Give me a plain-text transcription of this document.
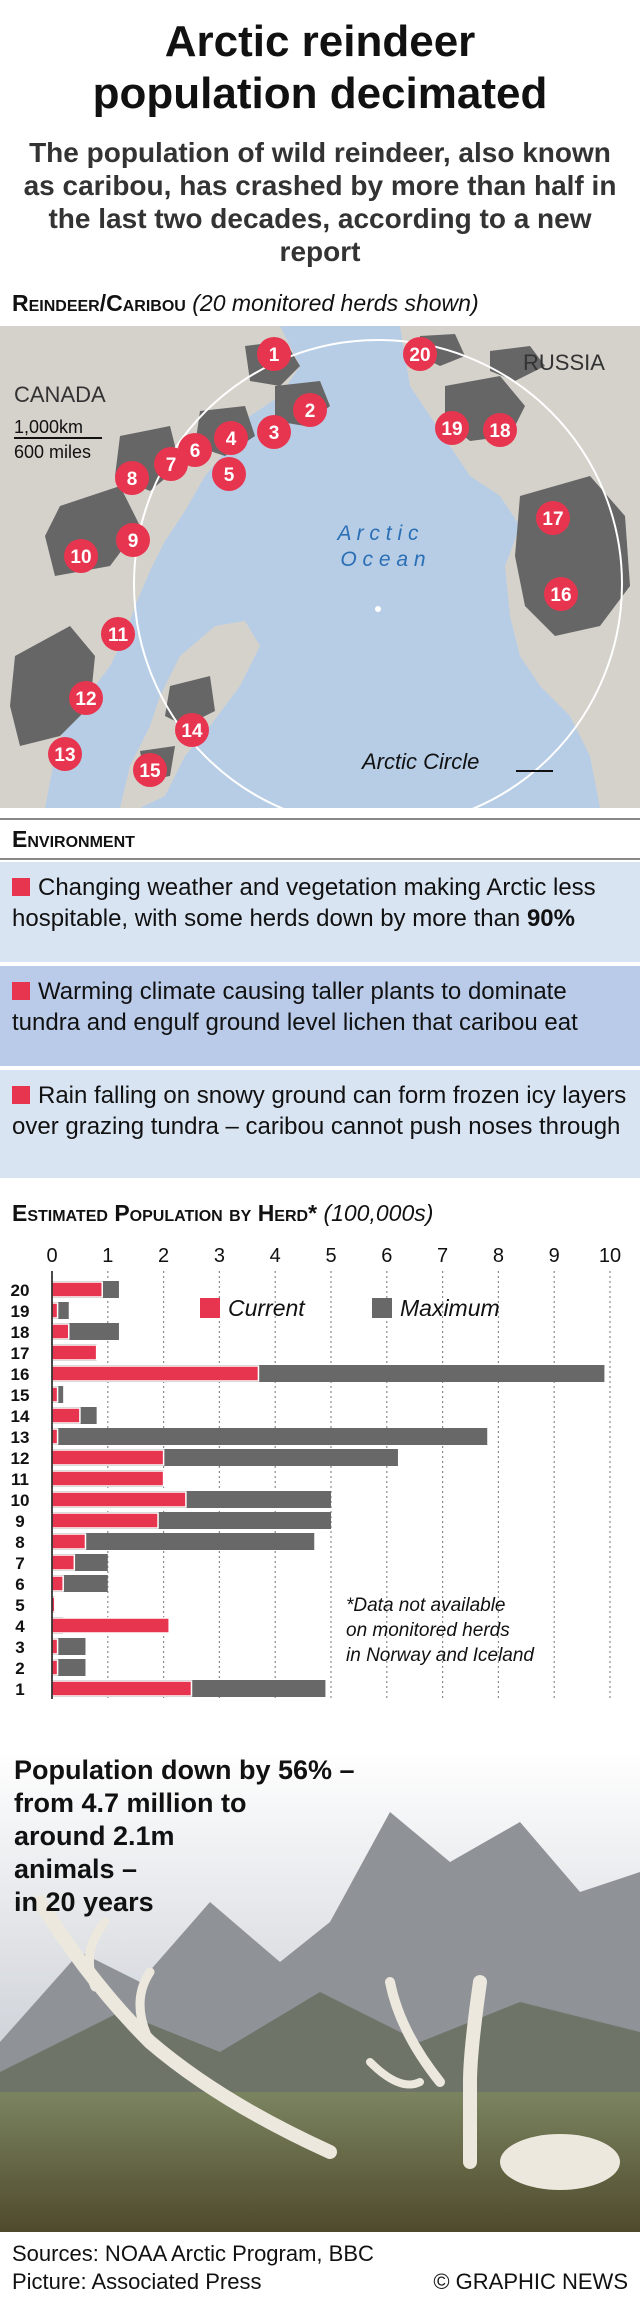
Arctic reindeer
population decimated
The population of wild reindeer, also known as caribou, has crashed by more than half in the last two decades, according to a new report
Reindeer/Caribou (20 monitored herds shown)
CANADA
RUSSIA
A r c t i c
O c e a n
Arctic Circle
1,000km
600 miles
1
2
3
4
5
6
7
8
9
10
11
12
13
14
15
16
17
18
19
20
Environment
Changing weather and vegetation making Arctic less hospitable, with some herds down by more than 90%
Warming climate causing taller plants to dominate tundra and engulf ground level lichen that caribou eat
Rain falling on snowy ground can form frozen icy layers over grazing tundra – caribou cannot push noses through
Estimated Population by Herd* (100,000s)
0 1 2 3 4 5 6 7 8 9 10
20
19
18
17
16
15
14
13
12
11
10
9
8
7
6
5
4
3
2
1
Current	Maximum
*Data not available
on monitored herds
in Norway and Iceland
Population down by 56% –
from 4.7 million to
around 2.1m
animals –
in 20 years
Sources: NOAA Arctic Program, BBC
Picture: Associated Press	© GRAPHIC NEWS
